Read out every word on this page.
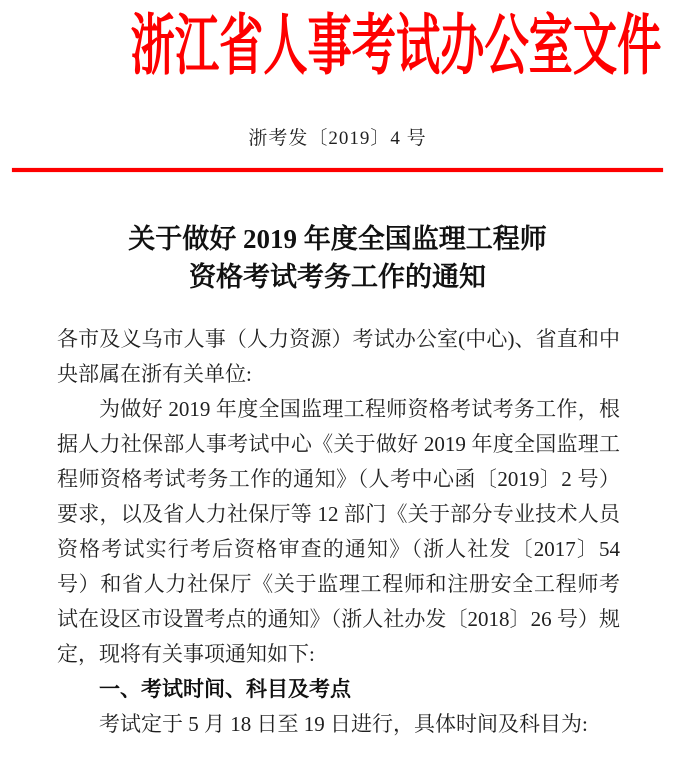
浙江省人事考试办公室文件
浙考发〔2019〕4 号
关于做好 2019 年度全国监理工程师
资格考试考务工作的通知

各市及义乌市人事（人力资源）考试办公室(中心)、省直和中央部属在浙有关单位:

为做好 2019 年度全国监理工程师资格考试考务工作，根据人力社保部人事考试中心《关于做好 2019 年度全国监理工程师资格考试考务工作的通知》（人考中心函〔2019〕2 号）要求，以及省人力社保厅等 12 部门《关于部分专业技术人员资格考试实行考后资格审查的通知》（浙人社发〔2017〕54 号）和省人力社保厅《关于监理工程师和注册安全工程师考试在设区市设置考点的通知》（浙人社办发〔2018〕26 号）规定，现将有关事项通知如下:

一、考试时间、科目及考点

考试定于 5 月 18 日至 19 日进行，具体时间及科目为:
